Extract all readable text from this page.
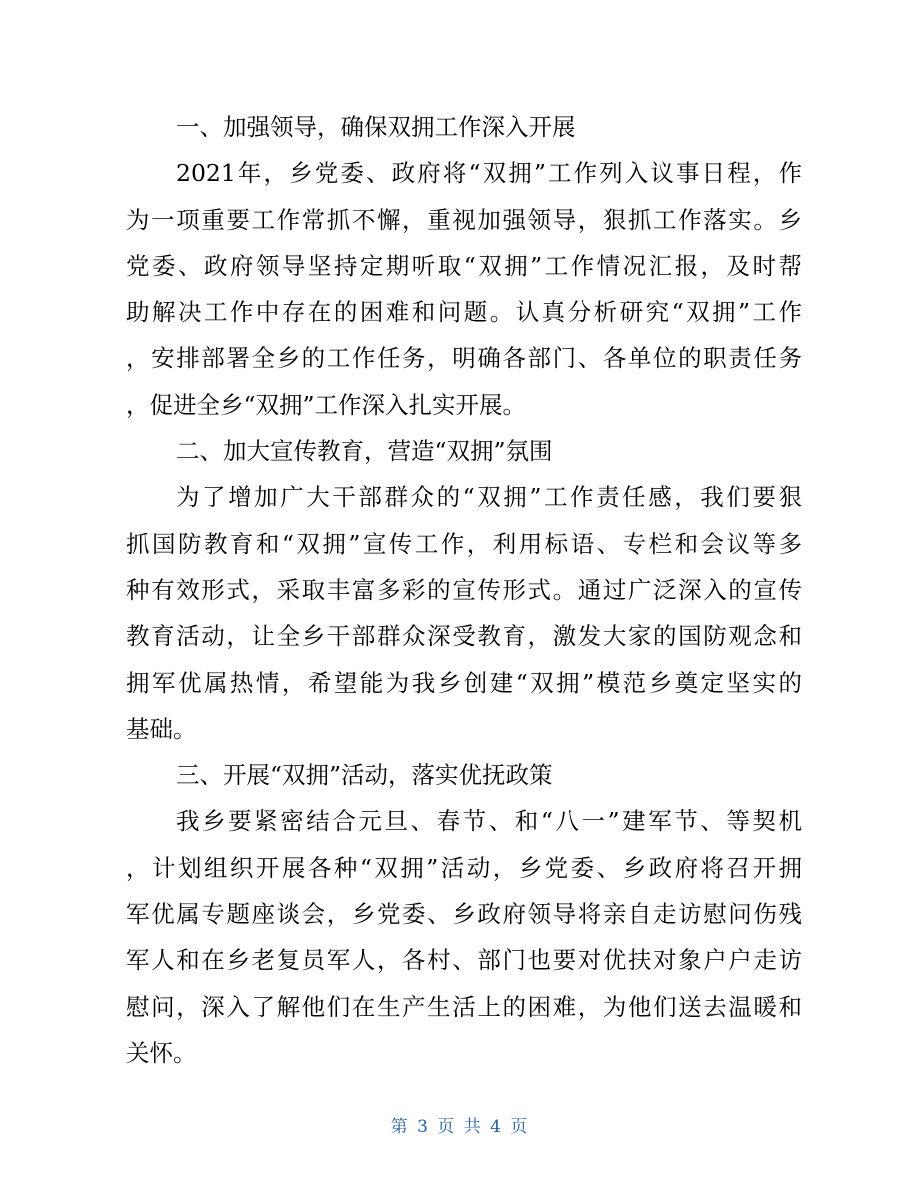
一、加强领导，确保双拥工作深入开展
2021年，乡党委、政府将“双拥”工作列入议事日程，作
为一项重要工作常抓不懈，重视加强领导，狠抓工作落实。乡
党委、政府领导坚持定期听取“双拥”工作情况汇报，及时帮
助解决工作中存在的困难和问题。认真分析研究“双拥”工作
，安排部署全乡的工作任务，明确各部门、各单位的职责任务
，促进全乡“双拥”工作深入扎实开展。
二、加大宣传教育，营造“双拥”氛围
为了增加广大干部群众的“双拥”工作责任感，我们要狠
抓国防教育和“双拥”宣传工作，利用标语、专栏和会议等多
种有效形式，采取丰富多彩的宣传形式。通过广泛深入的宣传
教育活动，让全乡干部群众深受教育，激发大家的国防观念和
拥军优属热情，希望能为我乡创建“双拥”模范乡奠定坚实的
基础。
三、开展“双拥”活动，落实优抚政策
我乡要紧密结合元旦、春节、和“八一”建军节、等契机
，计划组织开展各种“双拥”活动，乡党委、乡政府将召开拥
军优属专题座谈会，乡党委、乡政府领导将亲自走访慰问伤残
军人和在乡老复员军人，各村、部门也要对优扶对象户户走访
慰问，深入了解他们在生产生活上的困难，为他们送去温暖和
关怀。
第 3 页 共 4 页
